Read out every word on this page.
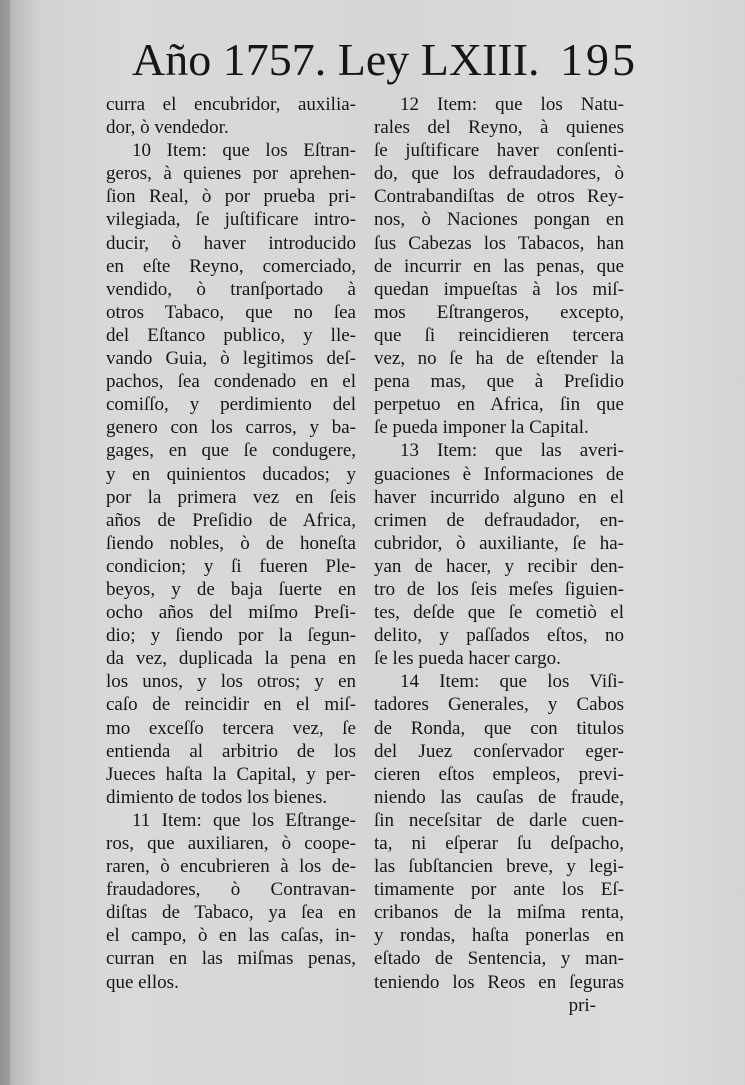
Año 1757. Ley LXIII. 195
curra el encubridor, auxilia-
dor, ò vendedor.
10 Item: que los Eſtran-
geros, à quienes por aprehen-
ſion Real, ò por prueba pri-
vilegiada, ſe juſtificare intro-
ducir, ò haver introducido
en eſte Reyno, comerciado,
vendido, ò tranſportado à
otros Tabaco, que no ſea
del Eſtanco publico, y lle-
vando Guia, ò legitimos deſ-
pachos, ſea condenado en el
comiſſo, y perdimiento del
genero con los carros, y ba-
gages, en que ſe condugere,
y en quinientos ducados; y
por la primera vez en ſeis
años de Preſidio de Africa,
ſiendo nobles, ò de honeſta
condicion; y ſi fueren Ple-
beyos, y de baja ſuerte en
ocho años del miſmo Preſi-
dio; y ſiendo por la ſegun-
da vez, duplicada la pena en
los unos, y los otros; y en
caſo de reincidir en el miſ-
mo exceſſo tercera vez, ſe
entienda al arbitrio de los
Jueces haſta la Capital, y per-
dimiento de todos los bienes.
11 Item: que los Eſtrange-
ros, que auxiliaren, ò coope-
raren, ò encubrieren à los de-
fraudadores, ò Contravan-
diſtas de Tabaco, ya ſea en
el campo, ò en las caſas, in-
curran en las miſmas penas,
que ellos.
12 Item: que los Natu-
rales del Reyno, à quienes
ſe juſtificare haver conſenti-
do, que los defraudadores, ò
Contrabandiſtas de otros Rey-
nos, ò Naciones pongan en
ſus Cabezas los Tabacos, han
de incurrir en las penas, que
quedan impueſtas à los miſ-
mos Eſtrangeros, excepto,
que ſi reincidieren tercera
vez, no ſe ha de eſtender la
pena mas, que à Preſidio
perpetuo en Africa, ſin que
ſe pueda imponer la Capital.
13 Item: que las averi-
guaciones è Informaciones de
haver incurrido alguno en el
crimen de defraudador, en-
cubridor, ò auxiliante, ſe ha-
yan de hacer, y recibir den-
tro de los ſeis meſes ſiguien-
tes, deſde que ſe cometiò el
delito, y paſſados eſtos, no
ſe les pueda hacer cargo.
14 Item: que los Viſi-
tadores Generales, y Cabos
de Ronda, que con titulos
del Juez conſervador eger-
cieren eſtos empleos, previ-
niendo las cauſas de fraude,
ſin neceſsitar de darle cuen-
ta, ni eſperar ſu deſpacho,
las ſubſtancien breve, y legi-
timamente por ante los Eſ-
cribanos de la miſma renta,
y rondas, haſta ponerlas en
eſtado de Sentencia, y man-
teniendo los Reos en ſeguras
pri-
